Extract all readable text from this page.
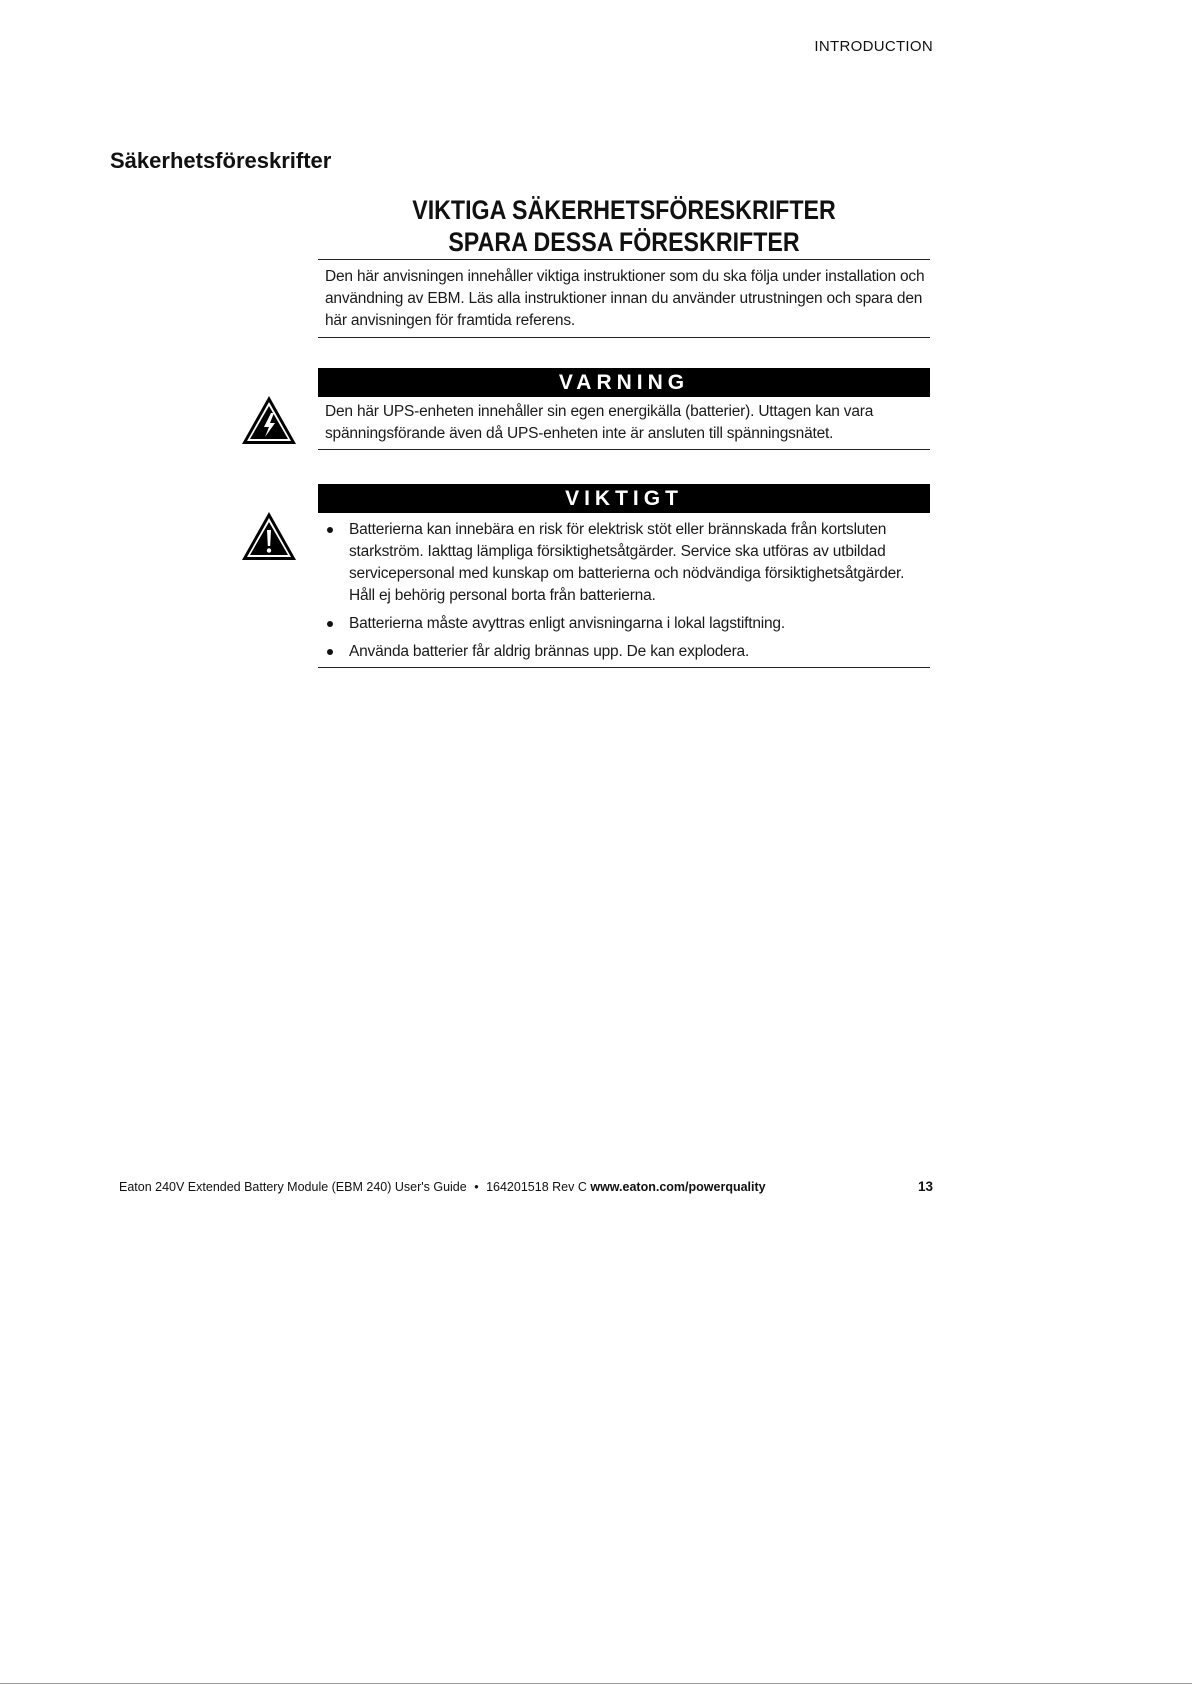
INTRODUCTION
Säkerhetsföreskrifter
VIKTIGA SÄKERHETSFÖRESKRIFTER
SPARA DESSA FÖRESKRIFTER
Den här anvisningen innehåller viktiga instruktioner som du ska följa under installation och användning av EBM. Läs alla instruktioner innan du använder utrustningen och spara den här anvisningen för framtida referens.
VARNING
Den här UPS-enheten innehåller sin egen energikälla (batterier). Uttagen kan vara spänningsförande även då UPS-enheten inte är ansluten till spänningsnätet.
VIKTIGT
Batterierna kan innebära en risk för elektrisk stöt eller brännskada från kortsluten starkström. Iakttag lämpliga försiktighetsåtgärder. Service ska utföras av utbildad servicepersonal med kunskap om batterierna och nödvändiga försiktighetsåtgärder. Håll ej behörig personal borta från batterierna.
Batterierna måste avyttras enligt anvisningarna i lokal lagstiftning.
Använda batterier får aldrig brännas upp. De kan explodera.
Eaton 240V Extended Battery Module (EBM 240) User's Guide • 164201518 Rev C www.eaton.com/powerquality	13
